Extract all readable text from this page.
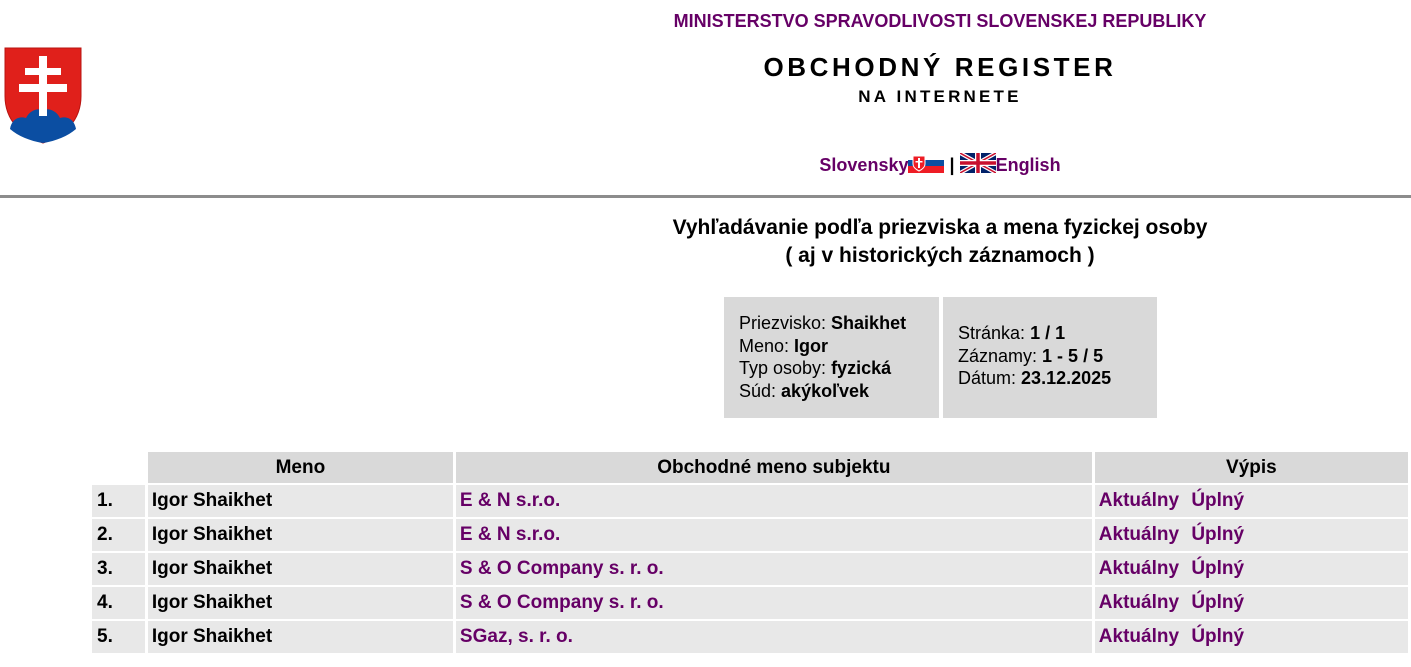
MINISTERSTVO SPRAVODLIVOSTI SLOVENSKEJ REPUBLIKY
OBCHODNÝ REGISTER
NA INTERNETE
Slovensky | English
Vyhľadávanie podľa priezviska a mena fyzickej osoby
( aj v historických záznamoch )
Priezvisko: Shaikhet
Meno: Igor
Typ osoby: fyzická
Súd: akýkoľvek
Stránka: 1 / 1
Záznamy: 1 - 5 / 5
Dátum: 23.12.2025
	Meno	Obchodné meno subjektu	Výpis
1.	Igor Shaikhet	E & N s.r.o.	Aktuálny Úplný
2.	Igor Shaikhet	E & N s.r.o.	Aktuálny Úplný
3.	Igor Shaikhet	S & O Company s. r. o.	Aktuálny Úplný
4.	Igor Shaikhet	S & O Company s. r. o.	Aktuálny Úplný
5.	Igor Shaikhet	SGaz, s. r. o.	Aktuálny Úplný
